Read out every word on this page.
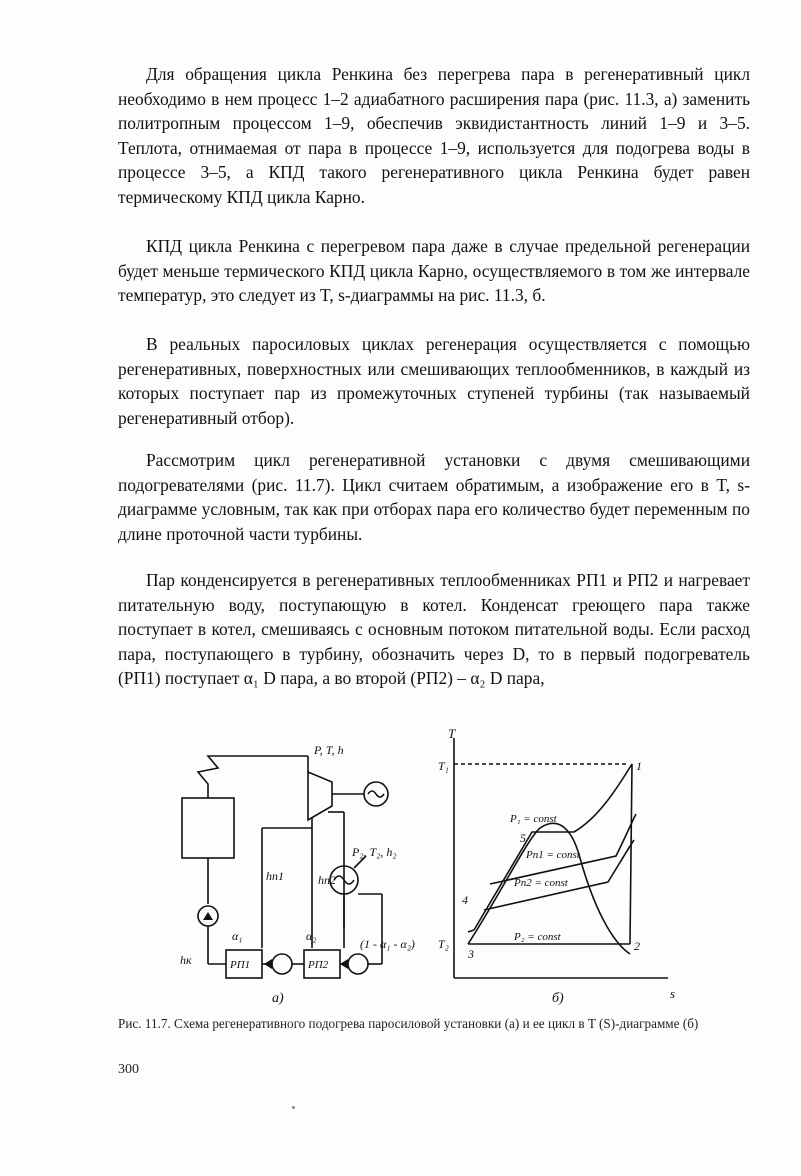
Для обращения цикла Ренкина без перегрева пара в регенеративный цикл необходимо в нем процесс 1–2 адиабатного расширения пара (рис. 11.3, а) заменить политропным процессом 1–9, обеспечив эквидистантность линий 1–9 и 3–5. Теплота, отнимаемая от пара в процессе 1–9, используется для подогрева воды в процессе 3–5, а КПД такого регенеративного цикла Ренкина будет равен термическому КПД цикла Карно.

КПД цикла Ренкина с перегревом пара даже в случае предельной регенерации будет меньше термического КПД цикла Карно, осуществляемого в том же интервале температур, это следует из T, s-диаграммы на рис. 11.3, б.

В реальных паросиловых циклах регенерация осуществляется с помощью регенеративных, поверхностных или смешивающих теплообменников, в каждый из которых поступает пар из промежуточных ступеней турбины (так называемый регенеративный отбор).

Рассмотрим цикл регенеративной установки с двумя смешивающими подогревателями (рис. 11.7). Цикл считаем обратимым, а изображение его в T, s-диаграмме условным, так как при отборах пара его количество будет переменным по длине проточной части турбины.

Пар конденсируется в регенеративных теплообменниках РП1 и РП2 и нагревает питательную воду, поступающую в котел. Конденсат греющего пара также поступает в котел, смешиваясь с основным потоком питательной воды. Если расход пара, поступающего в турбину, обозначить через D, то в первый подогреватель (РП1) поступает α₁ D пара, а во второй (РП2) – α₂ D пара,

P, T, h
P₂, T₂, h₂
hп1	hп2
hк
α₁	α₂
(1 - α₁ - α₂)
РП1	РП2
а)
T
s
T₁
T₂
P₁ = const
Pп1 = const
Pп2 = const
P₂ = const
1
2
3
4
5
б)

Рис. 11.7. Схема регенеративного подогрева паросиловой установки (а) и ее цикл в T (S)-диаграмме (б)

300
